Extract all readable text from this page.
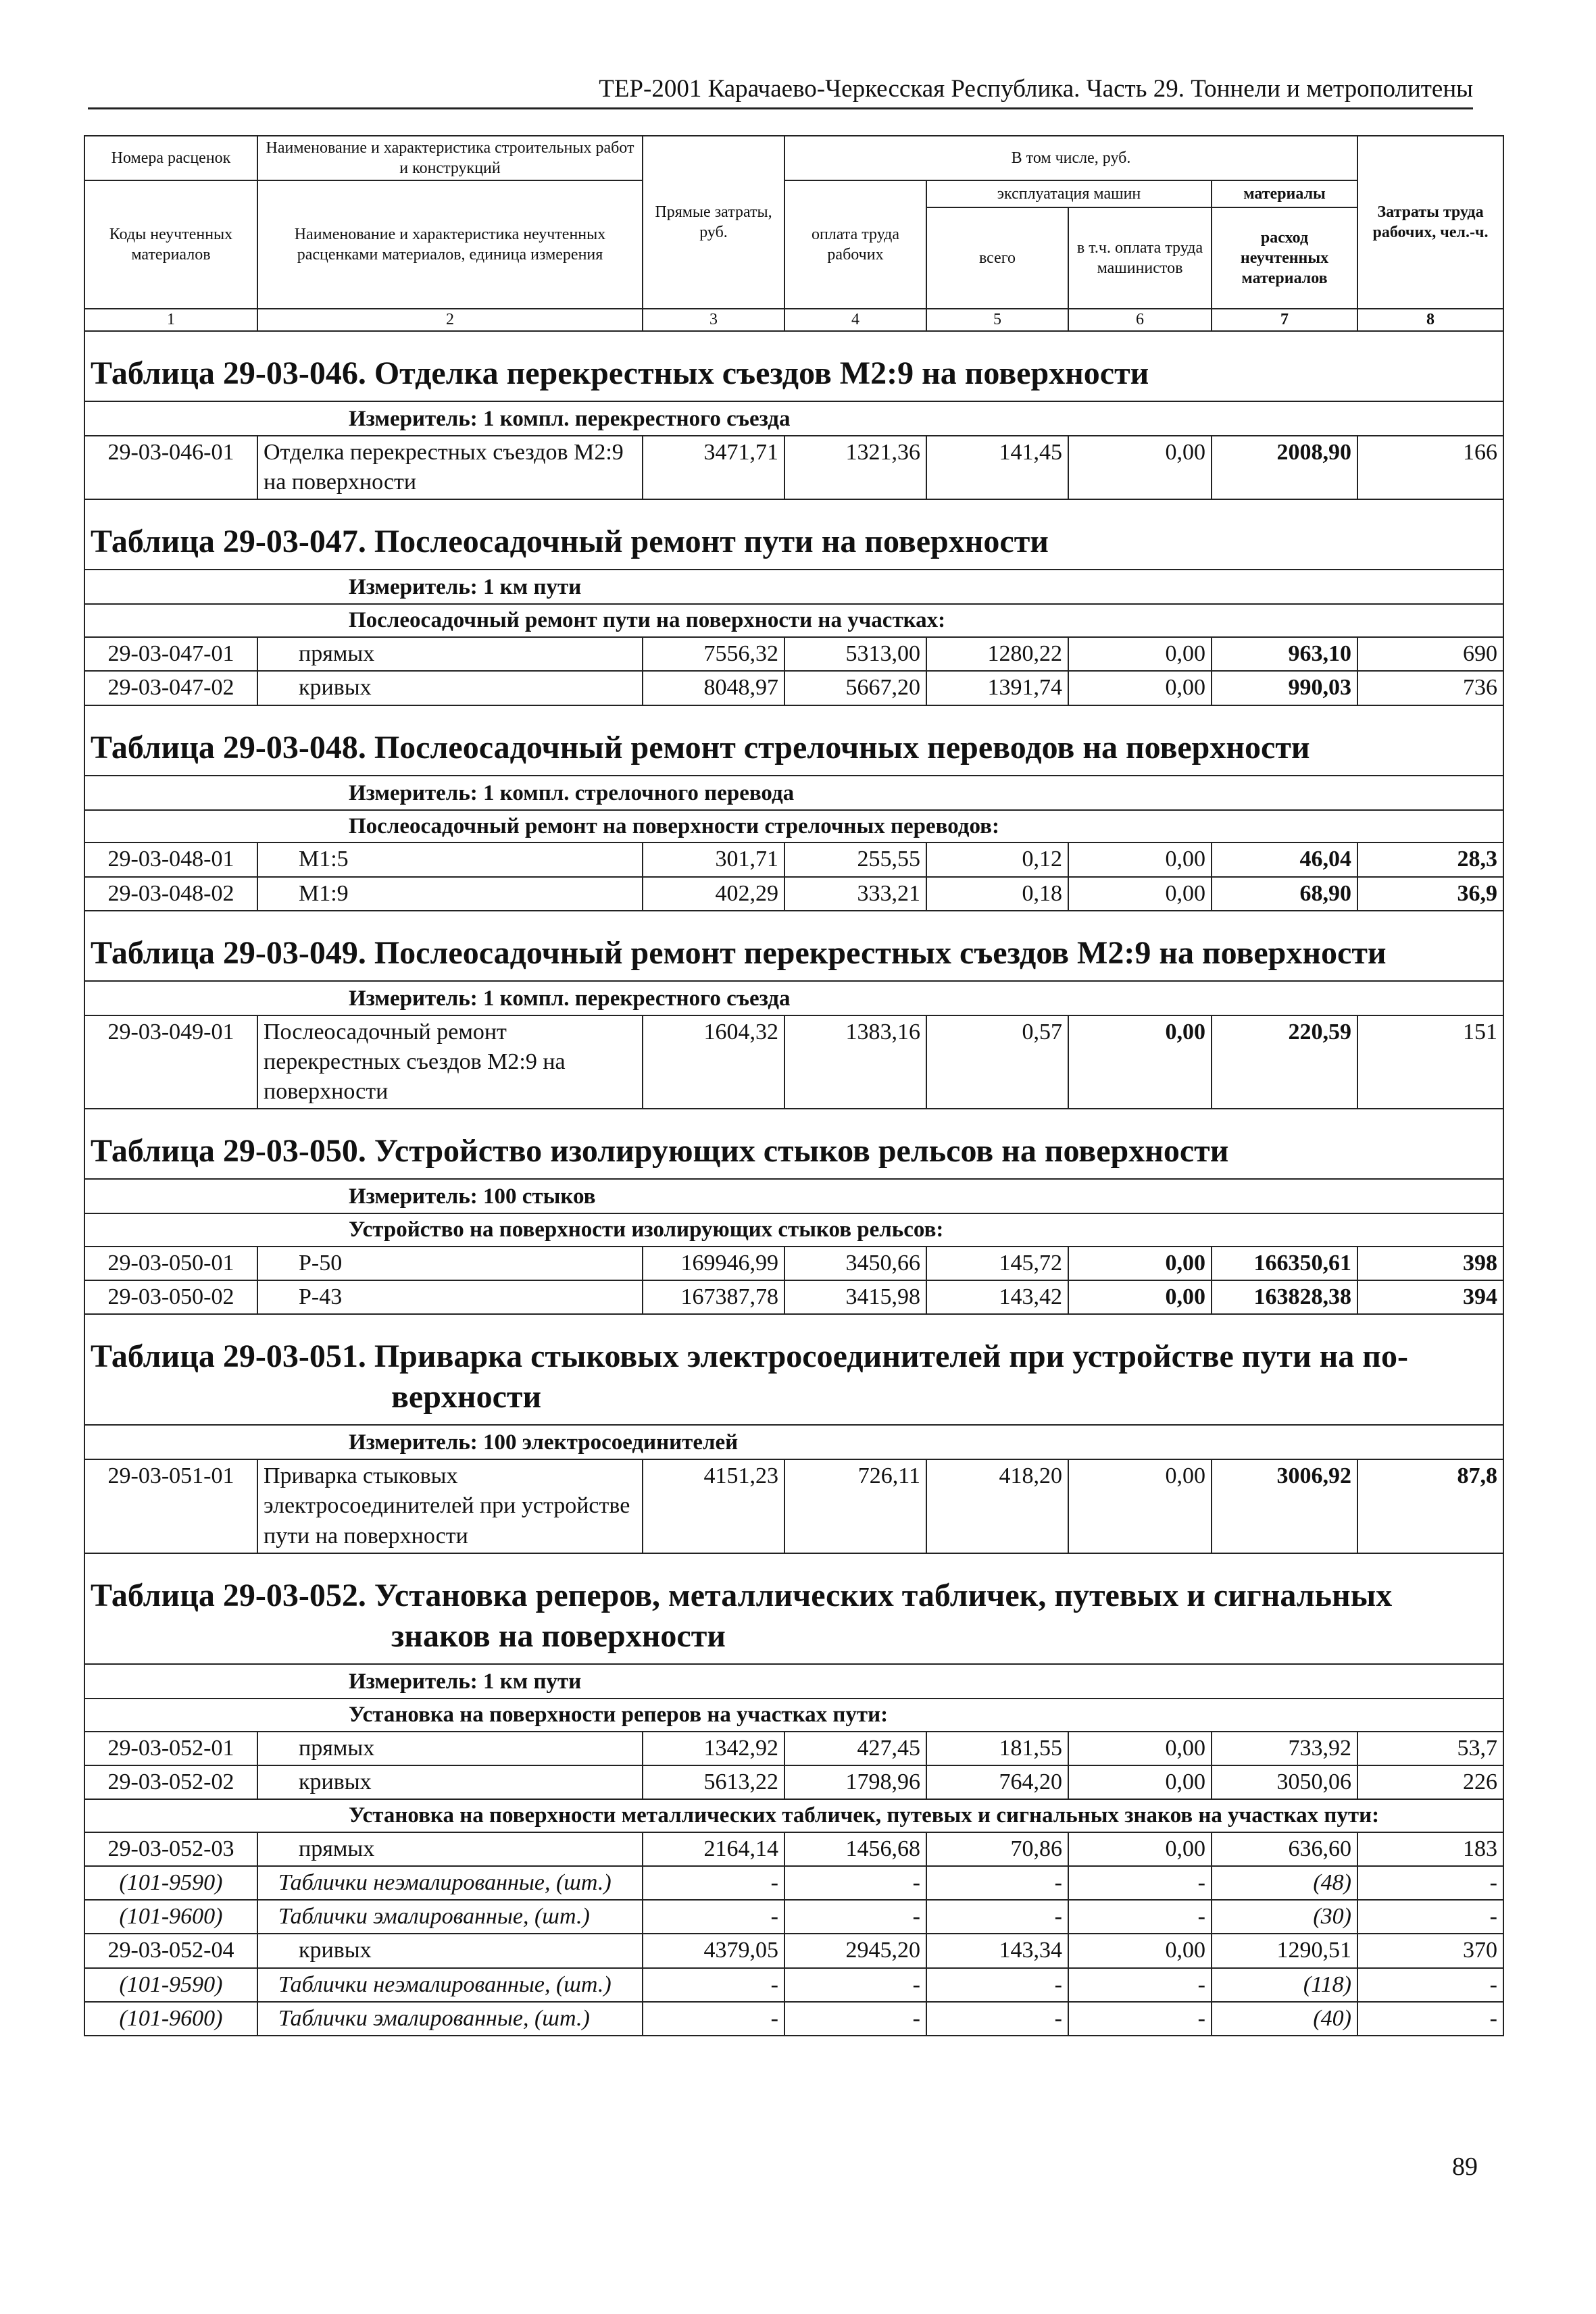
ТЕР-2001 Карачаево-Черкесская Республика. Часть 29. Тоннели и метрополитены
Номера расценок	Наименование и характеристика строительных работ и конструкций	Прямые затраты, руб.	В том числе, руб.				Затраты труда рабочих, чел.-ч.
Коды неучтенных материалов	Наименование и характеристика неучтенных расценками материалов, единица измерения		оплата труда рабочих	эксплуатация машин		материалы	
				всего	в т.ч. оплата труда машинистов	расход неучтенных материалов	
1	2	3	4	5	6	7	8
Таблица 29-03-046. Отделка перекрестных съездов М2:9 на поверхности							
Измеритель: 1 компл. перекрестного съезда							
29-03-046-01	Отделка перекрестных съездов М2:9 на поверхности	3471,71	1321,36	141,45	0,00	2008,90	166
Таблица 29-03-047. Послеосадочный ремонт пути на поверхности							
Измеритель: 1 км пути							
Послеосадочный ремонт пути на поверхности на участках:							
29-03-047-01	прямых	7556,32	5313,00	1280,22	0,00	963,10	690
29-03-047-02	кривых	8048,97	5667,20	1391,74	0,00	990,03	736
Таблица 29-03-048. Послеосадочный ремонт стрелочных переводов на поверхности							
Измеритель: 1 компл. стрелочного перевода							
Послеосадочный ремонт на поверхности стрелочных переводов:							
29-03-048-01	М1:5	301,71	255,55	0,12	0,00	46,04	28,3
29-03-048-02	М1:9	402,29	333,21	0,18	0,00	68,90	36,9
Таблица 29-03-049. Послеосадочный ремонт перекрестных съездов М2:9 на поверхности							
Измеритель: 1 компл. перекрестного съезда							
29-03-049-01	Послеосадочный ремонт перекрестных съездов М2:9 на поверхности	1604,32	1383,16	0,57	0,00	220,59	151
Таблица 29-03-050. Устройство изолирующих стыков рельсов на поверхности							
Измеритель: 100 стыков							
Устройство на поверхности изолирующих стыков рельсов:							
29-03-050-01	Р-50	169946,99	3450,66	145,72	0,00	166350,61	398
29-03-050-02	Р-43	167387,78	3415,98	143,42	0,00	163828,38	394
Таблица 29-03-051. Приварка стыковых электросоединителей при устройстве пути на по-
верхности							

Измеритель: 100 электросоединителей							
29-03-051-01	Приварка стыковых электросоединителей при устройстве пути на поверхности	4151,23	726,11	418,20	0,00	3006,92	87,8
Таблица 29-03-052. Установка реперов, металлических табличек, путевых и сигнальных
знаков на поверхности							

Измеритель: 1 км пути							
Установка на поверхности реперов на участках пути:							
29-03-052-01	прямых	1342,92	427,45	181,55	0,00	733,92	53,7
29-03-052-02	кривых	5613,22	1798,96	764,20	0,00	3050,06	226
Установка на поверхности металлических табличек, путевых и сигнальных знаков на участках пути:							
29-03-052-03	прямых	2164,14	1456,68	70,86	0,00	636,60	183
(101-9590)	Таблички неэмалированные, (шт.)	-	-	-	-	(48)	-
(101-9600)	Таблички эмалированные, (шт.)	-	-	-	-	(30)	-
29-03-052-04	кривых	4379,05	2945,20	143,34	0,00	1290,51	370
(101-9590)	Таблички неэмалированные, (шт.)	-	-	-	-	(118)	-
(101-9600)	Таблички эмалированные, (шт.)	-	-	-	-	(40)	-
89
